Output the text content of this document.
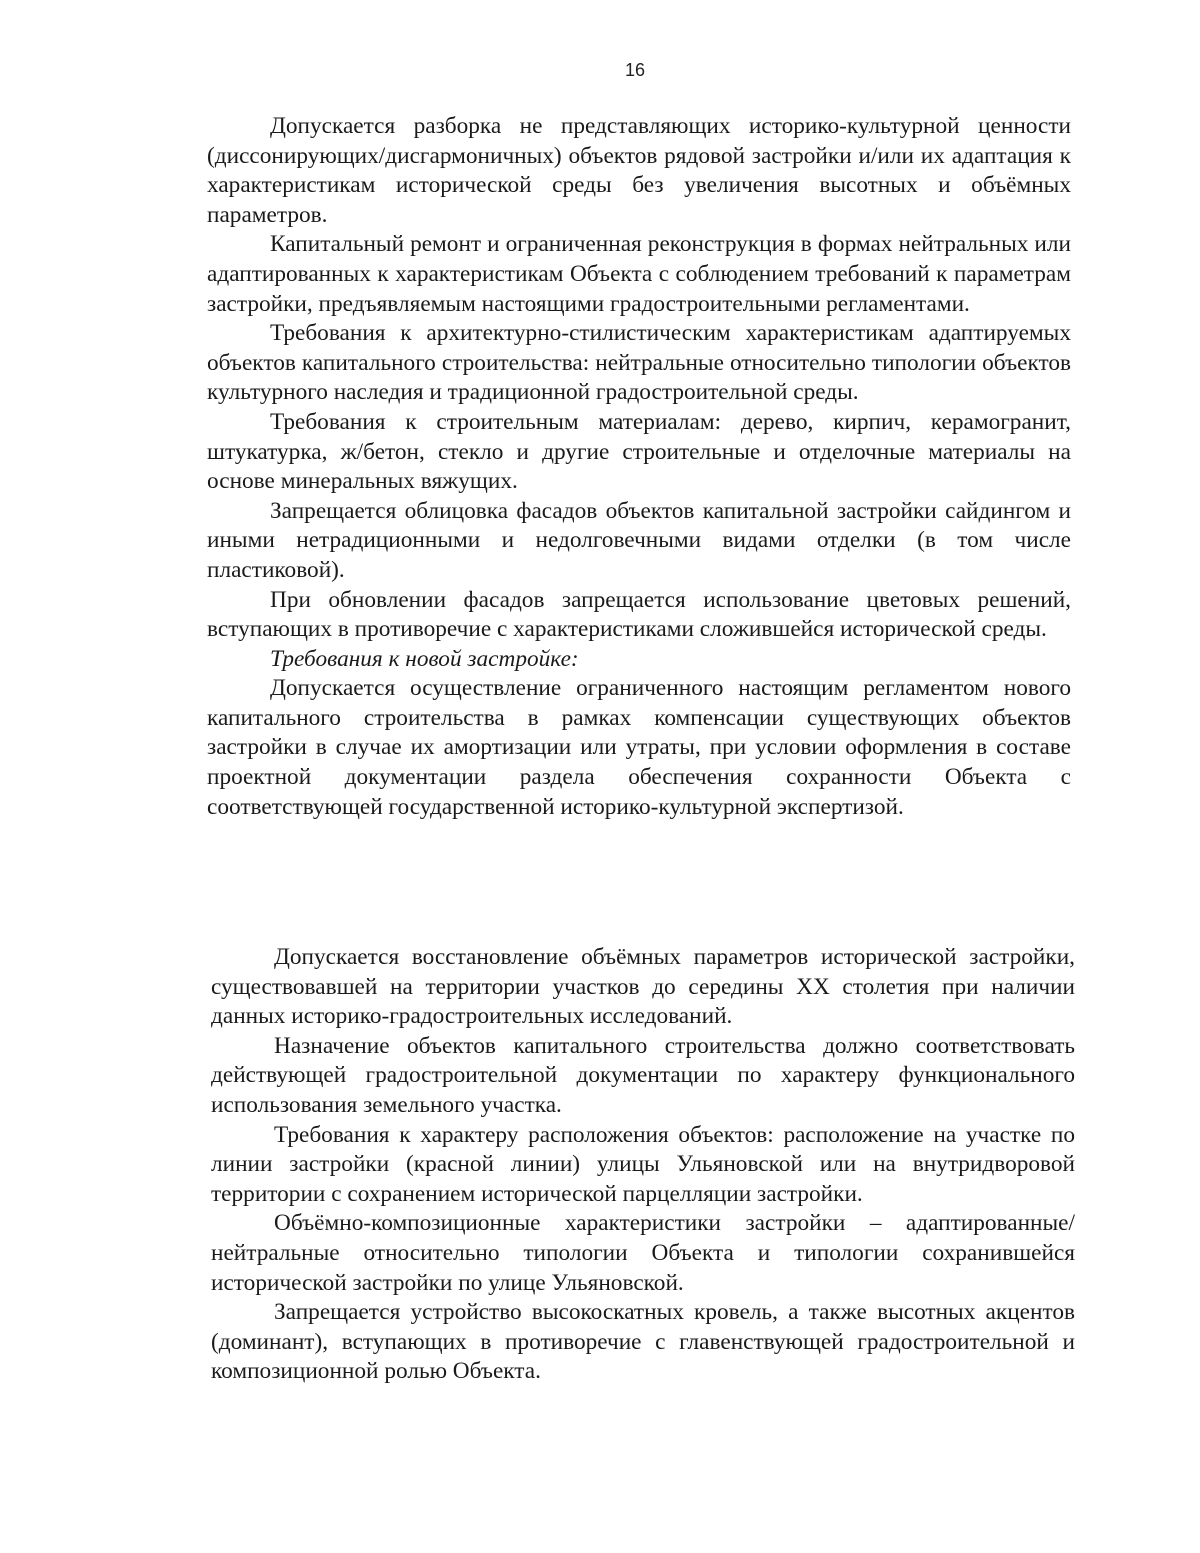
16

Допускается разборка не представляющих историко-культурной ценности (диссонирующих/дисгармоничных) объектов рядовой застройки и/или их адаптация к характеристикам исторической среды без увеличения высотных и объёмных параметров.

Капитальный ремонт и ограниченная реконструкция в формах нейтральных или адаптированных к характеристикам Объекта с соблюдением требований к параметрам застройки, предъявляемым настоящими градостроительными регламентами.

Требования к архитектурно-стилистическим характеристикам адаптируемых объектов капитального строительства: нейтральные относительно типологии объектов культурного наследия и традиционной градостроительной среды.

Требования к строительным материалам: дерево, кирпич, керамогранит, штукатурка, ж/бетон, стекло и другие строительные и отделочные материалы на основе минеральных вяжущих.

Запрещается облицовка фасадов объектов капитальной застройки сайдингом и иными нетрадиционными и недолговечными видами отделки (в том числе пластиковой).

При обновлении фасадов запрещается использование цветовых решений, вступающих в противоречие с характеристиками сложившейся исторической среды.

Требования к новой застройке:

Допускается осуществление ограниченного настоящим регламентом нового капитального строительства в рамках компенсации существующих объектов застройки в случае их амортизации или утраты, при условии оформления в составе проектной документации раздела обеспечения сохранности Объекта с соответствующей государственной историко-культурной экспертизой.

Допускается восстановление объёмных параметров исторической застройки, существовавшей на территории участков до середины XX столетия при наличии данных историко-градостроительных исследований.

Назначение объектов капитального строительства должно соответствовать действующей градостроительной документации по характеру функционального использования земельного участка.

Требования к характеру расположения объектов: расположение на участке по линии застройки (красной линии) улицы Ульяновской или на внутридворовой территории с сохранением исторической парцелляции застройки.

Объёмно-композиционные характеристики застройки – адаптированные/нейтральные относительно типологии Объекта и типологии сохранившейся исторической застройки по улице Ульяновской.

Запрещается устройство высокоскатных кровель, а также высотных акцентов (доминант), вступающих в противоречие с главенствующей градостроительной и композиционной ролью Объекта.
